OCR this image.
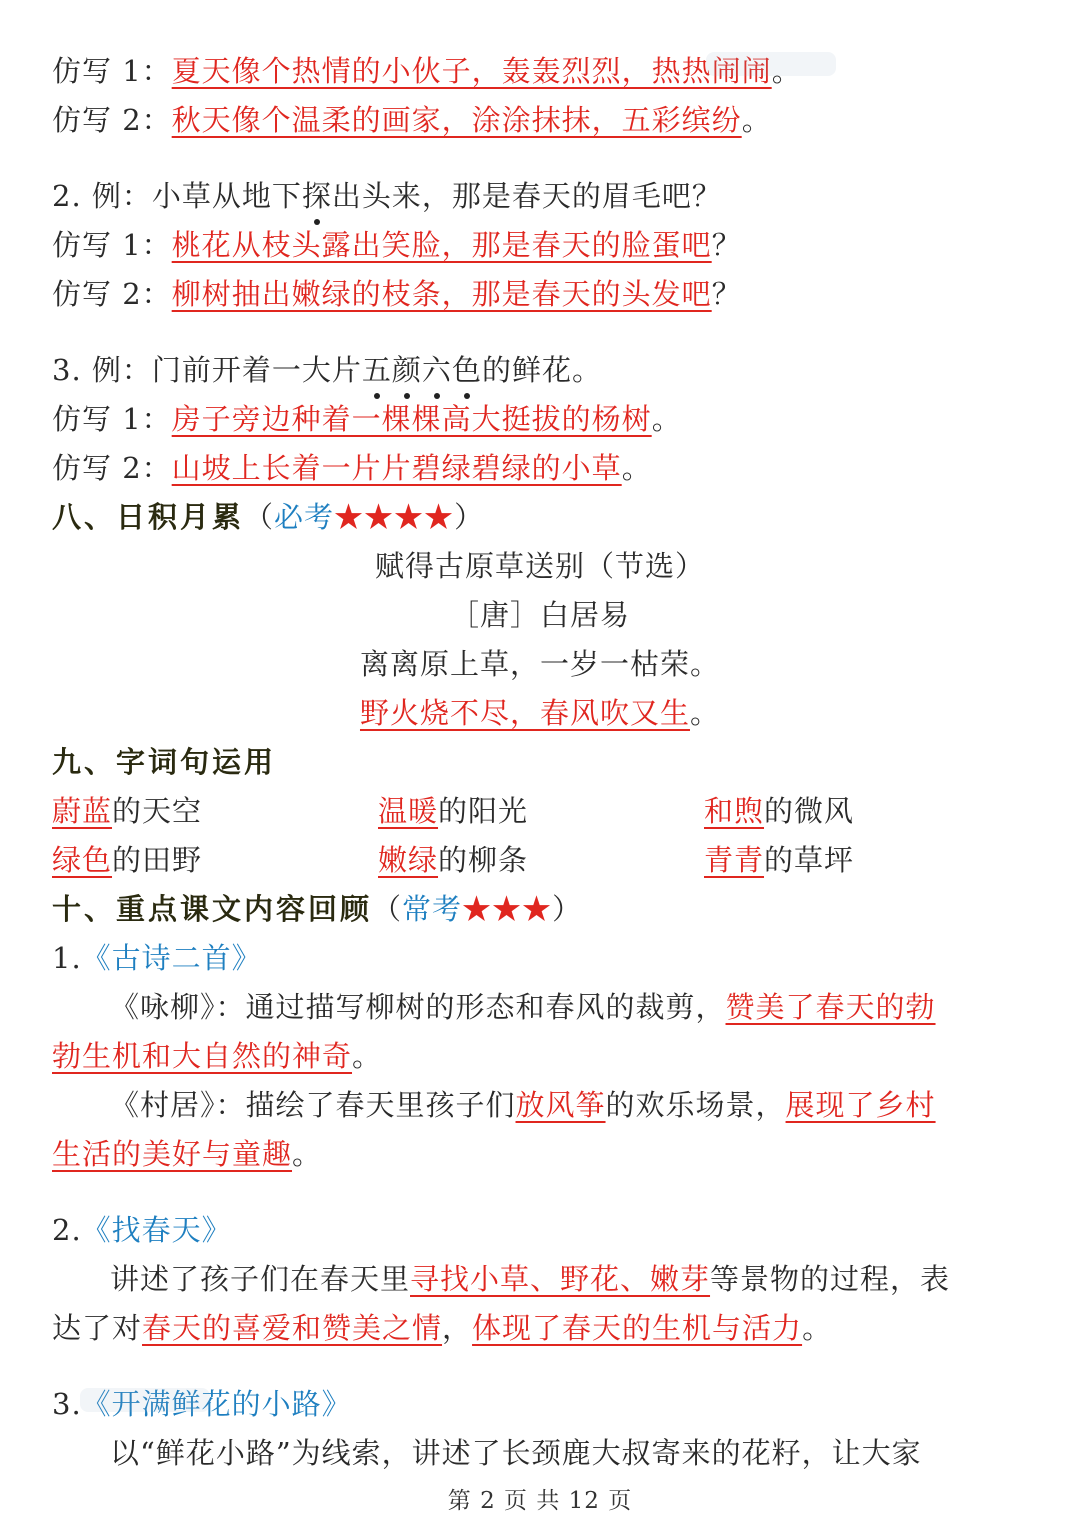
仿写 1：夏天像个热情的小伙子，轰轰烈烈，热热闹闹。
仿写 2：秋天像个温柔的画家，涂涂抹抹，五彩缤纷。
2. 例：小草从地下探出头来，那是春天的眉毛吧？
仿写 1：桃花从枝头露出笑脸，那是春天的脸蛋吧？
仿写 2：柳树抽出嫩绿的枝条，那是春天的头发吧？
3. 例：门前开着一大片五颜六色的鲜花。
仿写 1：房子旁边种着一棵棵高大挺拔的杨树。
仿写 2：山坡上长着一片片碧绿碧绿的小草。
八、日积月累（必考★★★★）
赋得古原草送别（节选）
［唐］白居易
离离原上草，一岁一枯荣。
野火烧不尽，春风吹又生。
九、字词句运用
蔚蓝的天空	温暖的阳光	和煦的微风
绿色的田野	嫩绿的柳条	青青的草坪
十、重点课文内容回顾（常考★★★）
1.《古诗二首》
《咏柳》：通过描写柳树的形态和春风的裁剪，赞美了春天的勃
勃生机和大自然的神奇。
《村居》：描绘了春天里孩子们放风筝的欢乐场景，展现了乡村
生活的美好与童趣。
2.《找春天》
讲述了孩子们在春天里寻找小草、野花、嫩芽等景物的过程，表
达了对春天的喜爱和赞美之情，体现了春天的生机与活力。
3.《开满鲜花的小路》
以“鲜花小路”为线索，讲述了长颈鹿大叔寄来的花籽，让大家
第 2 页 共 12 页
